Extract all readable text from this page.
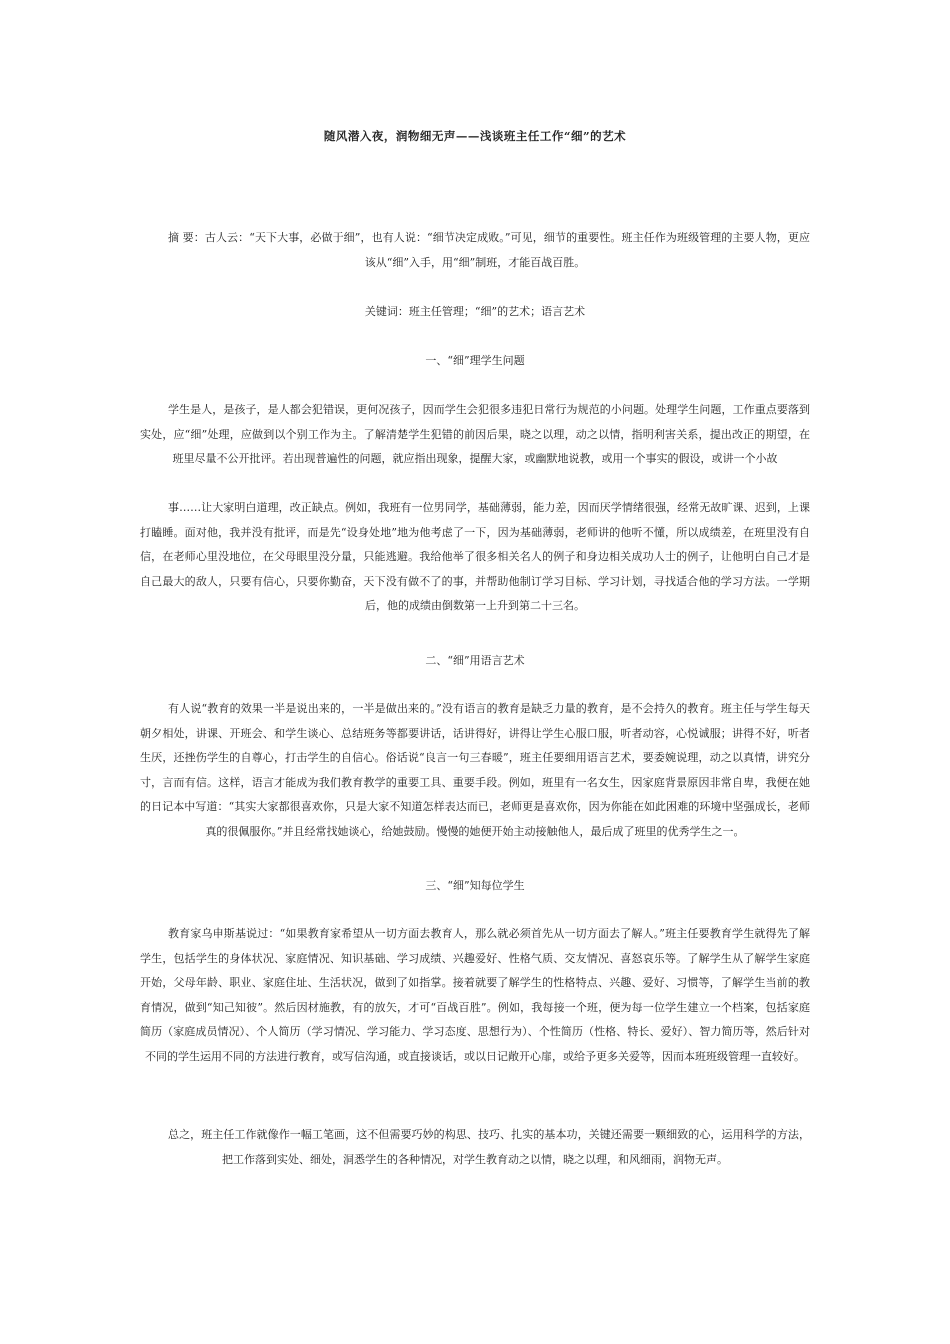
随风潜入夜，润物细无声——浅谈班主任工作“细”的艺术

摘 要：古人云：“天下大事，必做于细”，也有人说：“细节决定成败。”可见，细节的重要性。班主任作为班级管理的主要人物，更应该从“细”入手，用“细”制班，才能百战百胜。

关键词：班主任管理；“细”的艺术；语言艺术
一、“细”理学生问题

学生是人，是孩子，是人都会犯错误，更何况孩子，因而学生会犯很多违犯日常行为规范的小问题。处理学生问题，工作重点要落到实处，应“细”处理，应做到以个别工作为主。了解清楚学生犯错的前因后果，晓之以理，动之以情，指明利害关系，提出改正的期望，在班里尽量不公开批评。若出现普遍性的问题，就应指出现象，提醒大家，或幽默地说教，或用一个事实的假设，或讲一个小故

事……让大家明白道理，改正缺点。例如，我班有一位男同学，基础薄弱，能力差，因而厌学情绪很强，经常无故旷课、迟到，上课打瞌睡。面对他，我并没有批评，而是先“设身处地”地为他考虑了一下，因为基础薄弱，老师讲的他听不懂，所以成绩差，在班里没有自信，在老师心里没地位，在父母眼里没分量，只能逃避。我给他举了很多相关名人的例子和身边相关成功人士的例子，让他明白自己才是自己最大的敌人，只要有信心，只要你勤奋，天下没有做不了的事，并帮助他制订学习目标、学习计划，寻找适合他的学习方法。一学期后，他的成绩由倒数第一上升到第二十三名。

二、“细”用语言艺术

有人说“教育的效果一半是说出来的，一半是做出来的。”没有语言的教育是缺乏力量的教育，是不会持久的教育。班主任与学生每天朝夕相处，讲课、开班会、和学生谈心、总结班务等都要讲话，话讲得好，讲得让学生心服口服，听者动容，心悦诚服；讲得不好，听者生厌，还挫伤学生的自尊心，打击学生的自信心。俗话说“良言一句三春暖”，班主任要细用语言艺术，要委婉说理，动之以真情，讲究分寸，言而有信。这样，语言才能成为我们教育教学的重要工具、重要手段。例如，班里有一名女生，因家庭背景原因非常自卑，我便在她的日记本中写道：“其实大家都很喜欢你，只是大家不知道怎样表达而已，老师更是喜欢你，因为你能在如此困难的环境中坚强成长，老师真的很佩服你。”并且经常找她谈心，给她鼓励。慢慢的她便开始主动接触他人，最后成了班里的优秀学生之一。

三、“细”知每位学生

教育家乌申斯基说过：“如果教育家希望从一切方面去教育人，那么就必须首先从一切方面去了解人。”班主任要教育学生就得先了解学生，包括学生的身体状况、家庭情况、知识基础、学习成绩、兴趣爱好、性格气质、交友情况、喜怒哀乐等。了解学生从了解学生家庭开始，父母年龄、职业、家庭住址、生活状况，做到了如指掌。接着就要了解学生的性格特点、兴趣、爱好、习惯等，了解学生当前的教育情况，做到“知己知彼”。然后因材施教，有的放矢，才可“百战百胜”。例如，我每接一个班，便为每一位学生建立一个档案，包括家庭简历（家庭成员情况）、个人简历（学习情况、学习能力、学习态度、思想行为）、个性简历（性格、特长、爱好）、智力简历等，然后针对不同的学生运用不同的方法进行教育，或写信沟通，或直接谈话，或以日记敞开心扉，或给予更多关爱等，因而本班班级管理一直较好。

总之，班主任工作就像作一幅工笔画，这不但需要巧妙的构思、技巧、扎实的基本功，关键还需要一颗细致的心，运用科学的方法，把工作落到实处、细处，洞悉学生的各种情况，对学生教育动之以情，晓之以理，和风细雨，润物无声。
